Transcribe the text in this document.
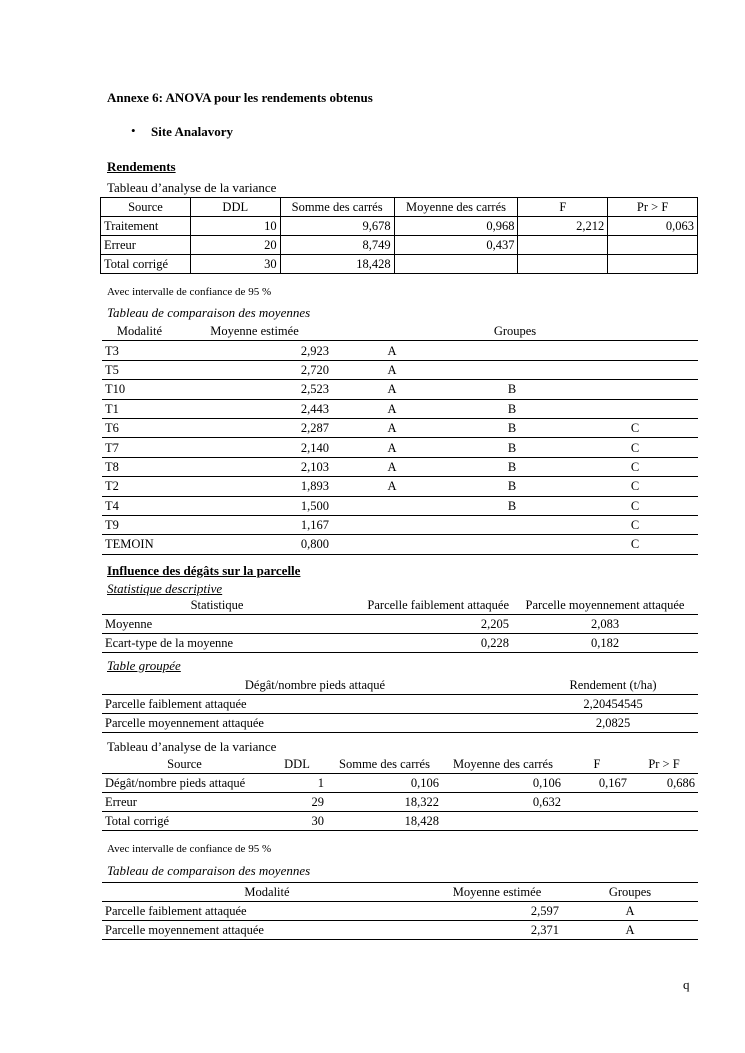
Annexe 6: ANOVA pour les rendements obtenus
• Site Analavory
Rendements
Tableau d’analyse de la variance
Source	DDL	Somme des carrés	Moyenne des carrés	F	Pr > F
Traitement	10	9,678	0,968	2,212	0,063
Erreur	20	8,749	0,437		
Total corrigé	30	18,428			
Avec intervalle de confiance de 95 %
Tableau de comparaison des moyennes
Modalité	Moyenne estimée	Groupes		
T3	2,923	A		
T5	2,720	A		
T10	2,523	A	B	
T1	2,443	A	B	
T6	2,287	A	B	C
T7	2,140	A	B	C
T8	2,103	A	B	C
T2	1,893	A	B	C
T4	1,500		B	C
T9	1,167			C
TEMOIN	0,800			C
Influence des dégâts sur la parcelle
Statistique descriptive
Statistique	Parcelle faiblement attaquée	Parcelle moyennement attaquée
Moyenne	2,205	2,083
Ecart-type de la moyenne	0,228	0,182
Table groupée
Dégât/nombre pieds attaqué	Rendement (t/ha)
Parcelle faiblement attaquée	2,20454545
Parcelle moyennement attaquée	2,0825
Tableau d’analyse de la variance
Source	DDL	Somme des carrés	Moyenne des carrés	F	Pr > F
Dégât/nombre pieds attaqué	1	0,106	0,106	0,167	0,686
Erreur	29	18,322	0,632		
Total corrigé	30	18,428			
Avec intervalle de confiance de 95 %
Tableau de comparaison des moyennes
Modalité	Moyenne estimée	Groupes
Parcelle faiblement attaquée	2,597	A
Parcelle moyennement attaquée	2,371	A
q
